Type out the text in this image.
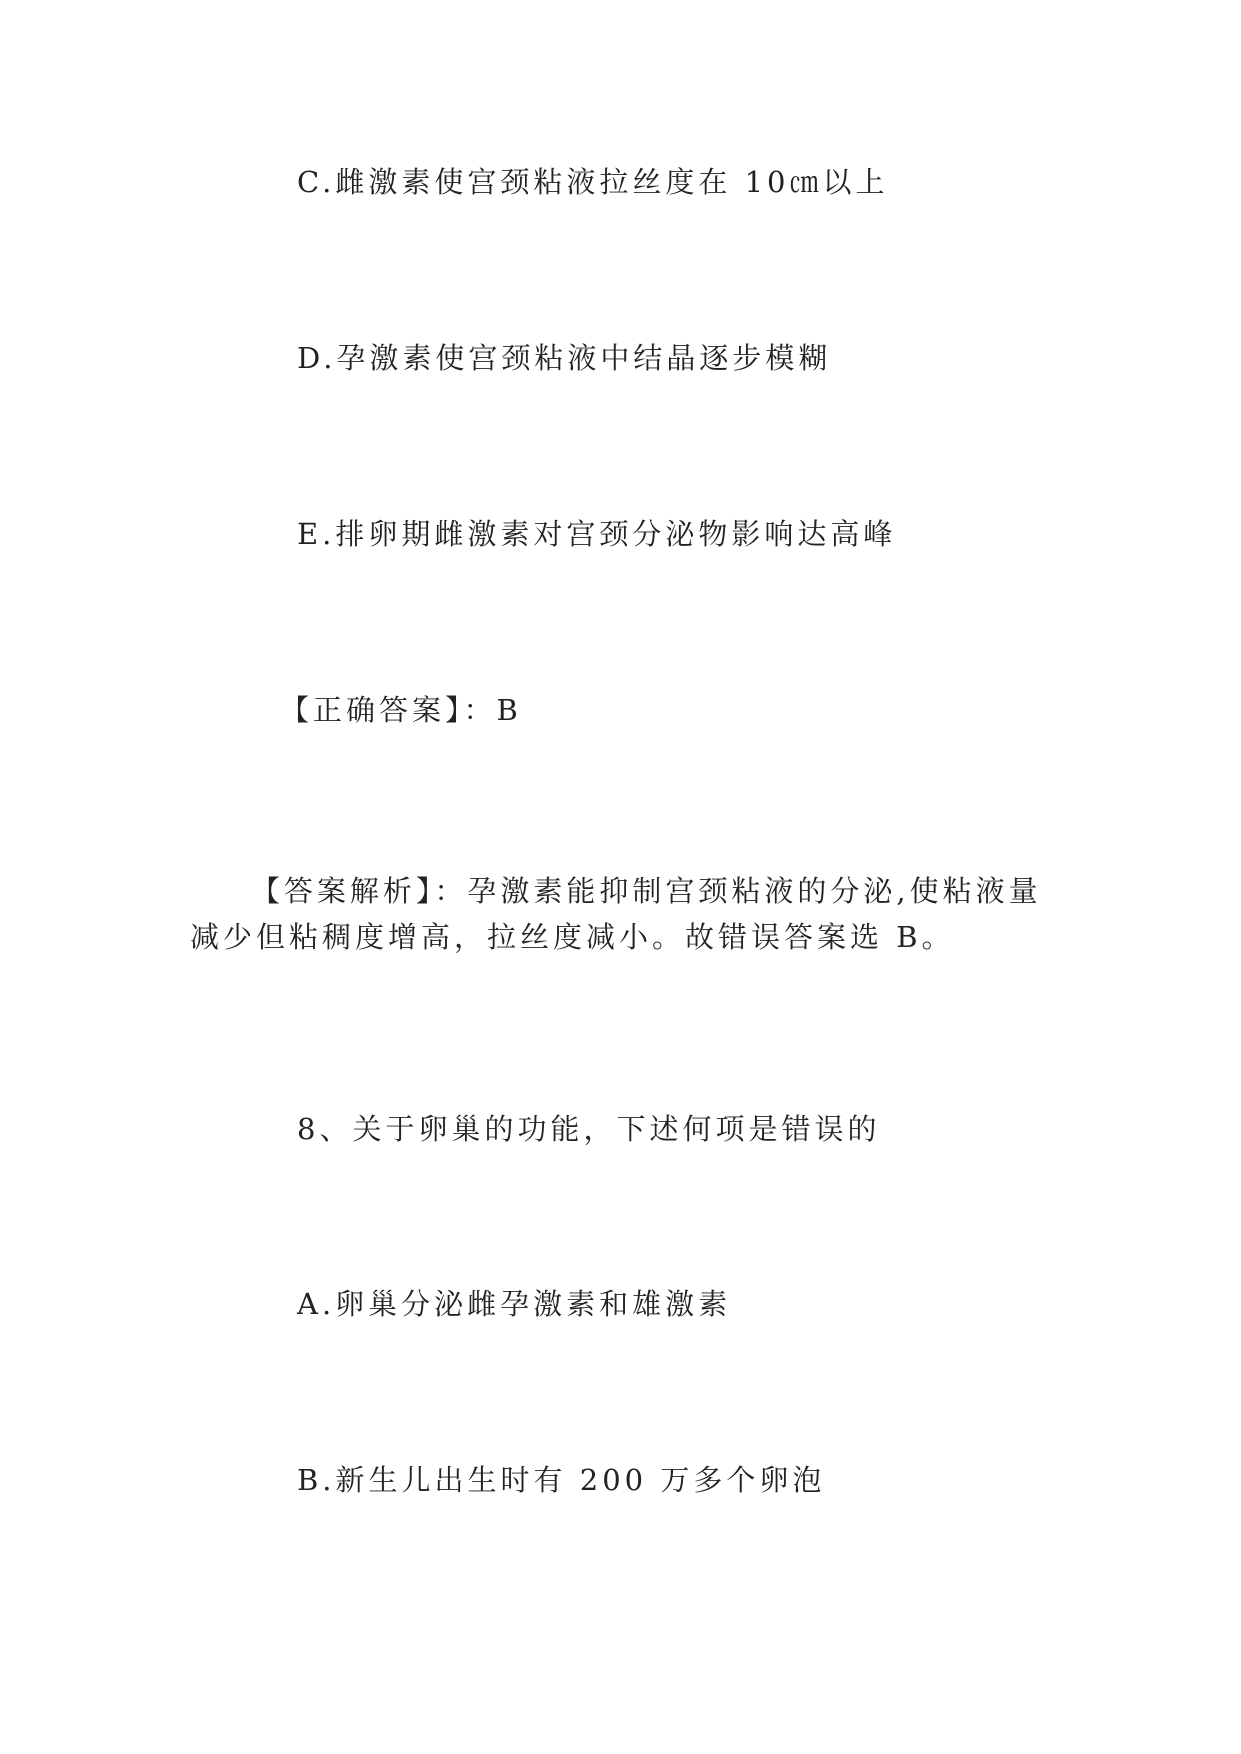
C.雌激素使宫颈粘液拉丝度在 10㎝以上
D.孕激素使宫颈粘液中结晶逐步模糊
E.排卵期雌激素对宫颈分泌物影响达高峰
【正确答案】：B
【答案解析】：孕激素能抑制宫颈粘液的分泌,使粘液量减少但粘稠度增高，拉丝度减小。故错误答案选 B。
8、关于卵巢的功能，下述何项是错误的
A.卵巢分泌雌孕激素和雄激素
B.新生儿出生时有 200 万多个卵泡
